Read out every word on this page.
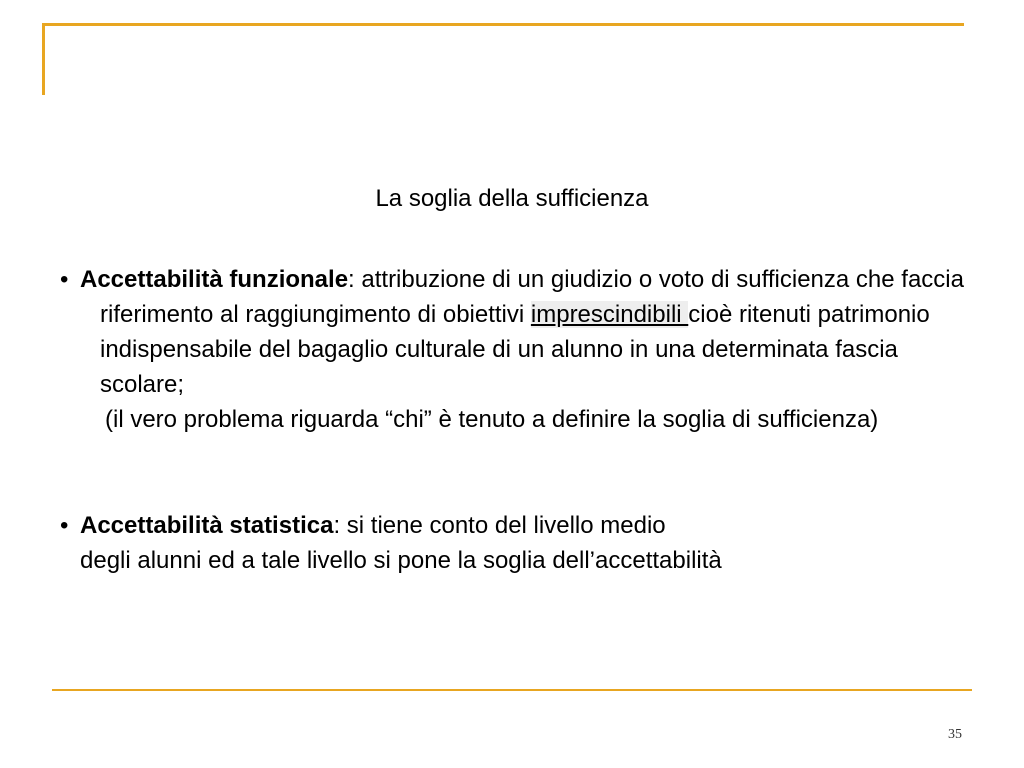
La soglia della sufficienza
• Accettabilità funzionale: attribuzione di un giudizio o voto di sufficienza che faccia riferimento al raggiungimento di obiettivi imprescindibili cioè ritenuti patrimonio indispensabile del bagaglio culturale di un alunno in una determinata fascia scolare;
(il vero problema riguarda “chi” è tenuto a definire la soglia di sufficienza)
• Accettabilità statistica: si tiene conto del livello medio
degli alunni ed a tale livello si pone la soglia dell’accettabilità
35
